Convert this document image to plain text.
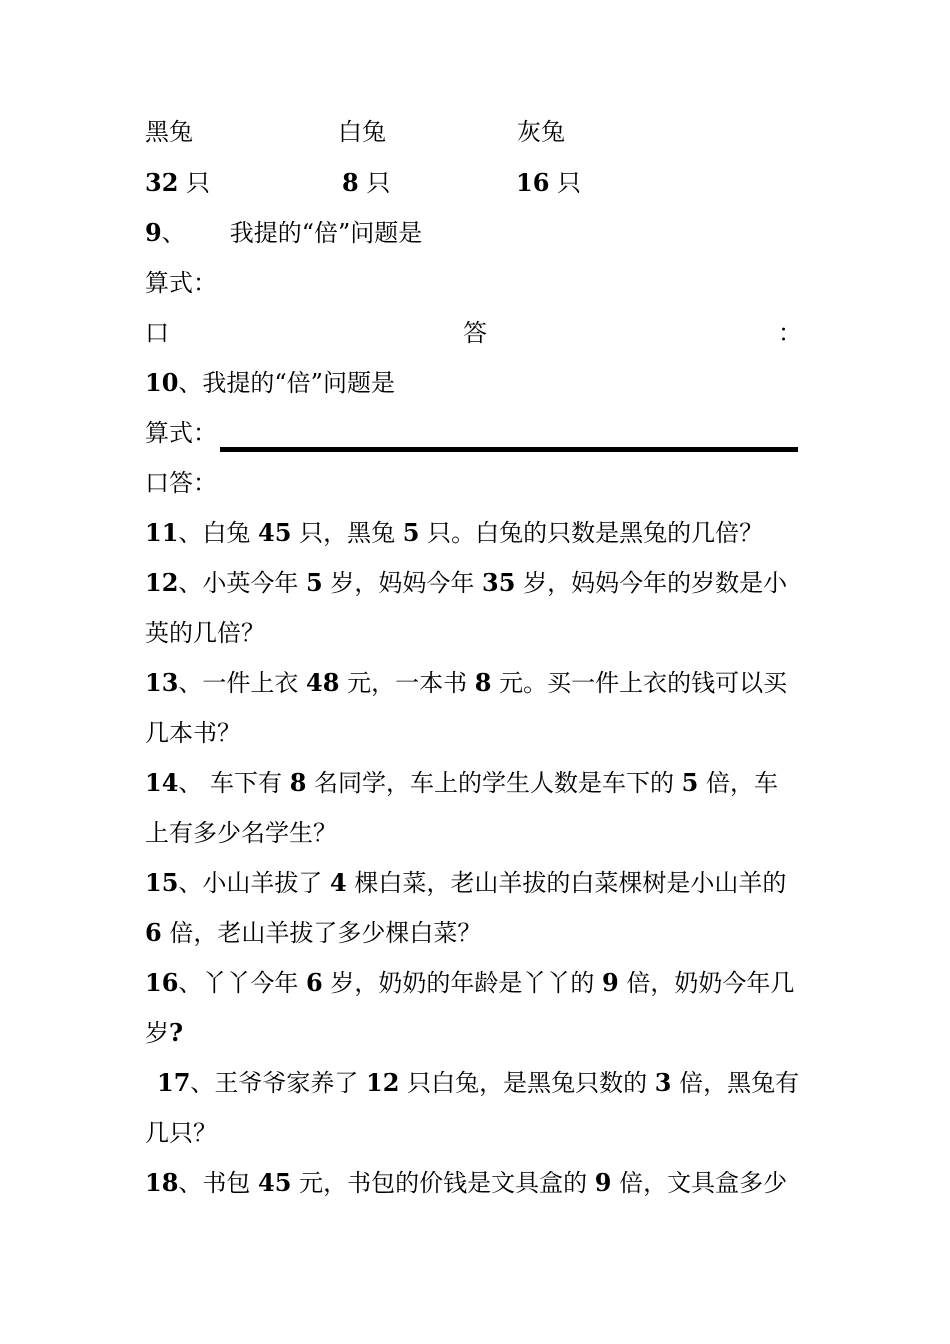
黑兔	白兔	灰兔
32 只	8 只	16 只
9、 我提的“倍”问题是
算式：
口	答	：
10、我提的“倍”问题是
算式：
口答：
11、白兔 45 只，黑兔 5 只。白兔的只数是黑兔的几倍？
12、小英今年 5 岁，妈妈今年 35 岁，妈妈今年的岁数是小
英的几倍？
13、一件上衣 48 元，一本书 8 元。买一件上衣的钱可以买
几本书？
14、 车下有 8 名同学，车上的学生人数是车下的 5 倍，车
上有多少名学生？
15、小山羊拔了 4 棵白菜，老山羊拔的白菜棵树是小山羊的
6 倍，老山羊拔了多少棵白菜？
16、丫丫今年 6 岁，奶奶的年龄是丫丫的 9 倍，奶奶今年几
岁?
17、王爷爷家养了 12 只白兔，是黑兔只数的 3 倍，黑兔有
几只？
18、书包 45 元，书包的价钱是文具盒的 9 倍，文具盒多少
